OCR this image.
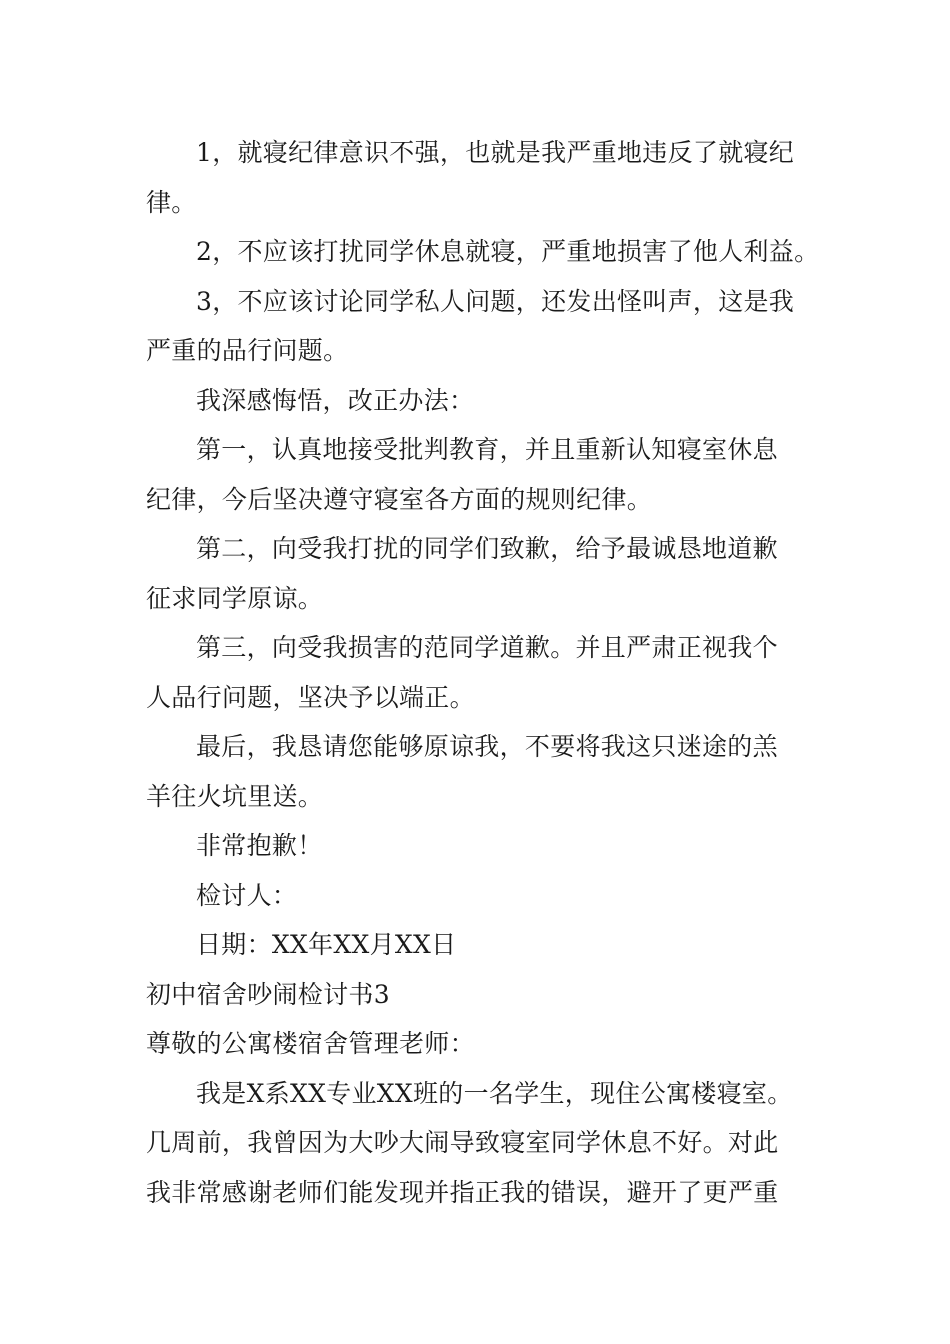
1，就寝纪律意识不强，也就是我严重地违反了就寝纪
律。
2，不应该打扰同学休息就寝，严重地损害了他人利益。
3，不应该讨论同学私人问题，还发出怪叫声，这是我
严重的品行问题。
我深感悔悟，改正办法：
第一，认真地接受批判教育，并且重新认知寝室休息
纪律，今后坚决遵守寝室各方面的规则纪律。
第二，向受我打扰的同学们致歉，给予最诚恳地道歉
征求同学原谅。
第三，向受我损害的范同学道歉。并且严肃正视我个
人品行问题，坚决予以端正。
最后，我恳请您能够原谅我，不要将我这只迷途的羔
羊往火坑里送。
非常抱歉！
检讨人：
日期：XX年XX月XX日
初中宿舍吵闹检讨书3
尊敬的公寓楼宿舍管理老师：
我是X系XX专业XX班的一名学生，现住公寓楼寝室。
几周前，我曾因为大吵大闹导致寝室同学休息不好。对此
我非常感谢老师们能发现并指正我的错误，避开了更严重
